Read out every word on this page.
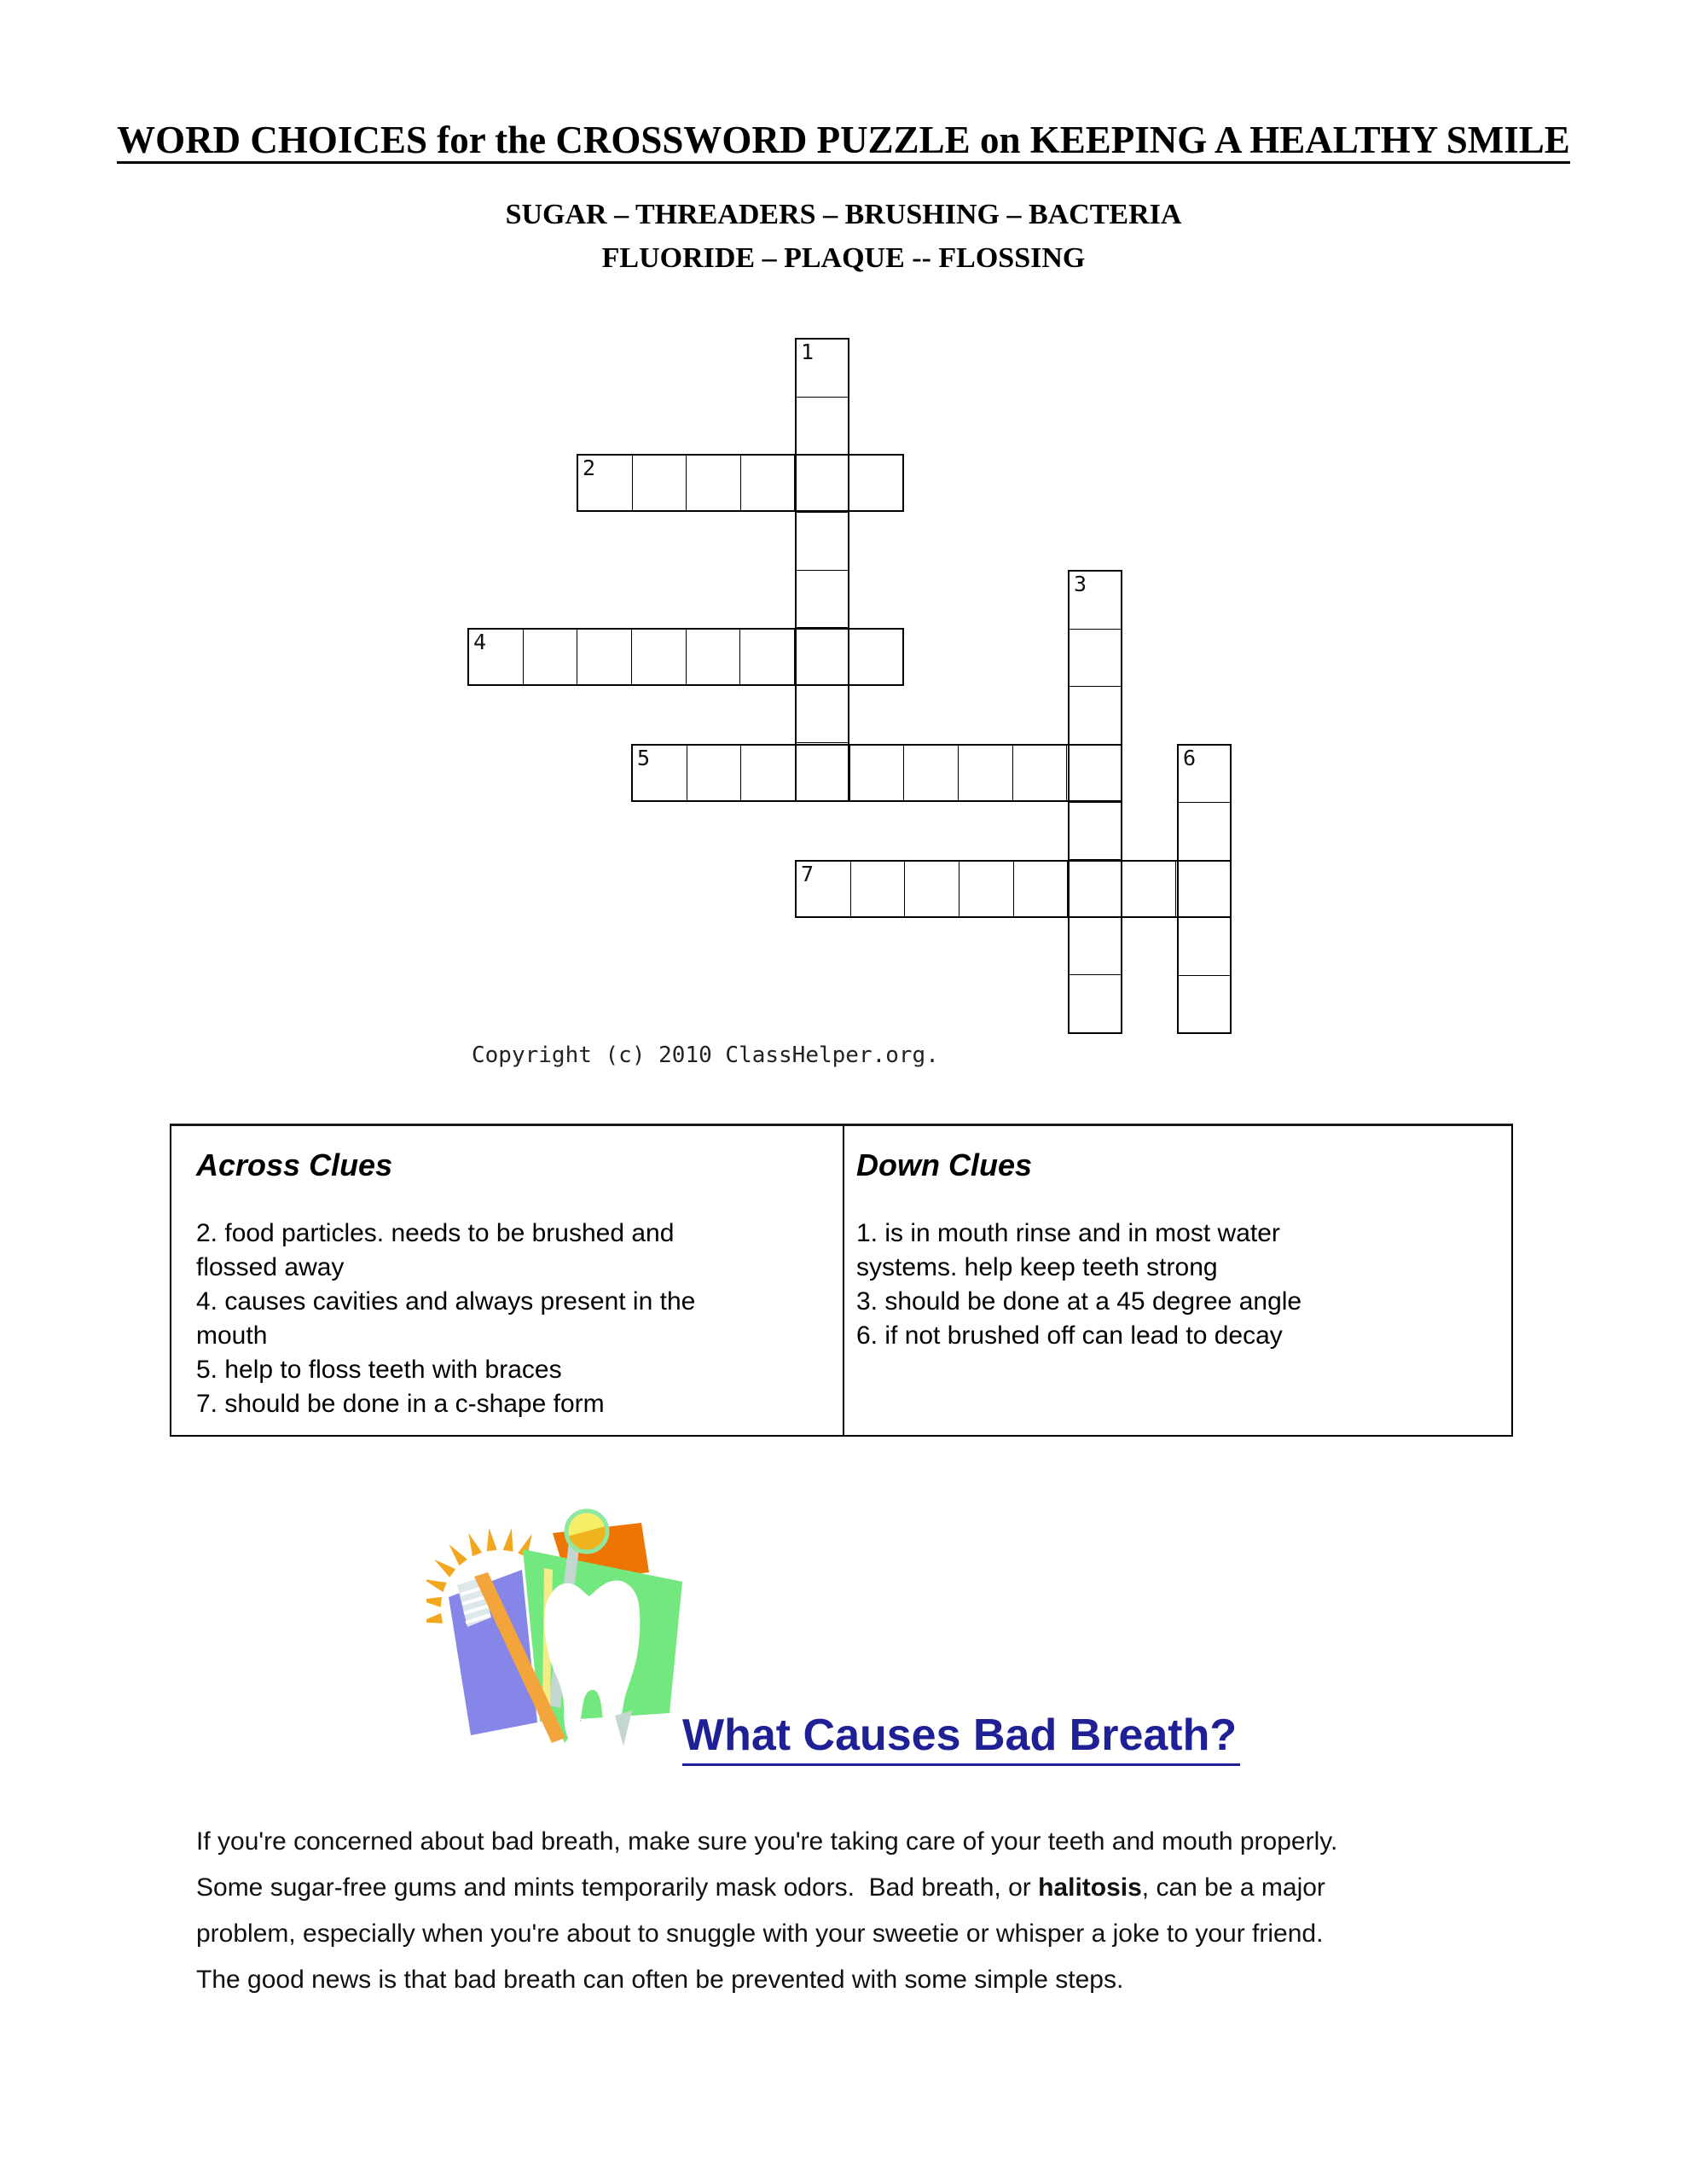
WORD CHOICES for the CROSSWORD PUZZLE on KEEPING A HEALTHY SMILE
SUGAR – THREADERS – BRUSHING – BACTERIA
FLUORIDE – PLAQUE -- FLOSSING
1
2
3
4
5	6
7
Copyright (c) 2010 ClassHelper.org.
Across Clues
2. food particles. needs to be brushed and
flossed away
4. causes cavities and always present in the
mouth
5. help to floss teeth with braces
7. should be done in a c-shape form
Down Clues
1. is in mouth rinse and in most water
systems. help keep teeth strong
3. should be done at a 45 degree angle
6. if not brushed off can lead to decay
What Causes Bad Breath?
If you're concerned about bad breath, make sure you're taking care of your teeth and mouth properly.
Some sugar-free gums and mints temporarily mask odors.  Bad breath, or halitosis, can be a major
problem, especially when you're about to snuggle with your sweetie or whisper a joke to your friend.
The good news is that bad breath can often be prevented with some simple steps.
